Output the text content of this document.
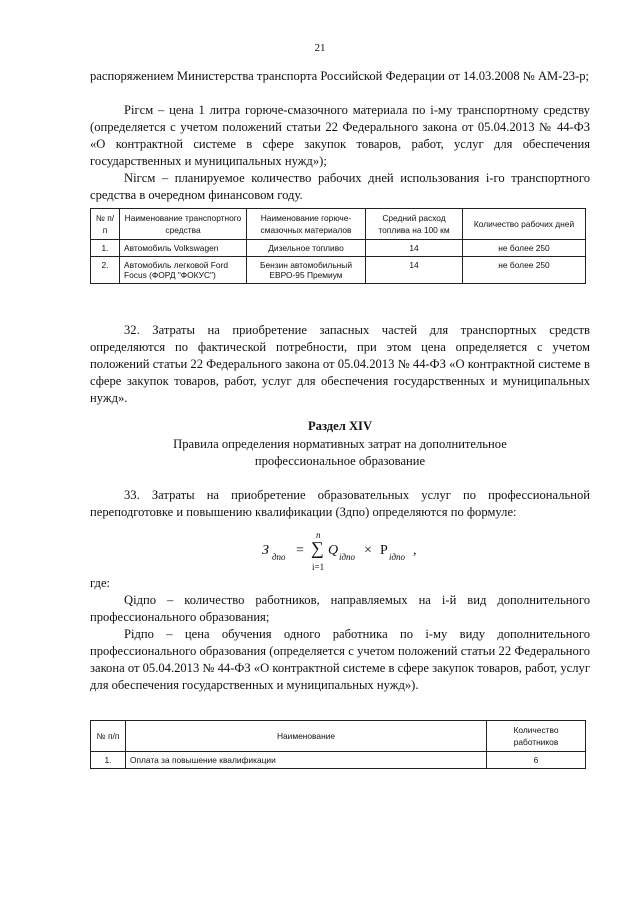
21
распоряжением Министерства транспорта Российской Федерации от 14.03.2008 № АМ-23-р;
Pігсм – цена 1 литра горюче-смазочного материала по і-му транспортному средству (определяется с учетом положений статьи 22 Федерального закона от 05.04.2013 № 44-ФЗ «О контрактной системе в сфере закупок товаров, работ, услуг для обеспечения государственных и муниципальных нужд»);
Nігсм – планируемое количество рабочих дней использования і-го транспортного средства в очередном финансовом году.
№ п/п	Наименование транспортного средства	Наименование горюче-смазочных материалов	Средний расход топлива на 100 км	Количество рабочих дней
1.	Автомобиль Volkswagen	Дизельное топливо	14	не более 250
2.	Автомобиль легковой Ford Focus (ФОРД "ФОКУС")	Бензин автомобильный ЕВРО-95 Премиум	14	не более 250
32. Затраты на приобретение запасных частей для транспортных средств определяются по фактической потребности, при этом цена определяется с учетом положений статьи 22 Федерального закона от 05.04.2013 № 44-ФЗ «О контрактной системе в сфере закупок товаров, работ, услуг для обеспечения государственных и муниципальных нужд».
Раздел XIV
Правила определения нормативных затрат на дополнительное
профессиональное образование
33. Затраты на приобретение образовательных услуг по профессиональной переподготовке и повышению квалификации (Здпо) определяются по формуле:
З дпо =
n
∑
i=1
Q iдпо × P iдпо ,
где:
Qiдпо – количество работников, направляемых на i-й вид дополнительного профессионального образования;
Piдпо – цена обучения одного работника по i-му виду дополнительного профессионального образования (определяется с учетом положений статьи 22 Федерального закона от 05.04.2013 № 44-ФЗ «О контрактной системе в сфере закупок товаров, работ, услуг для обеспечения государственных и муниципальных нужд»).
№ п/п	Наименование	Количество работников
1.	Оплата за повышение квалификации	6
